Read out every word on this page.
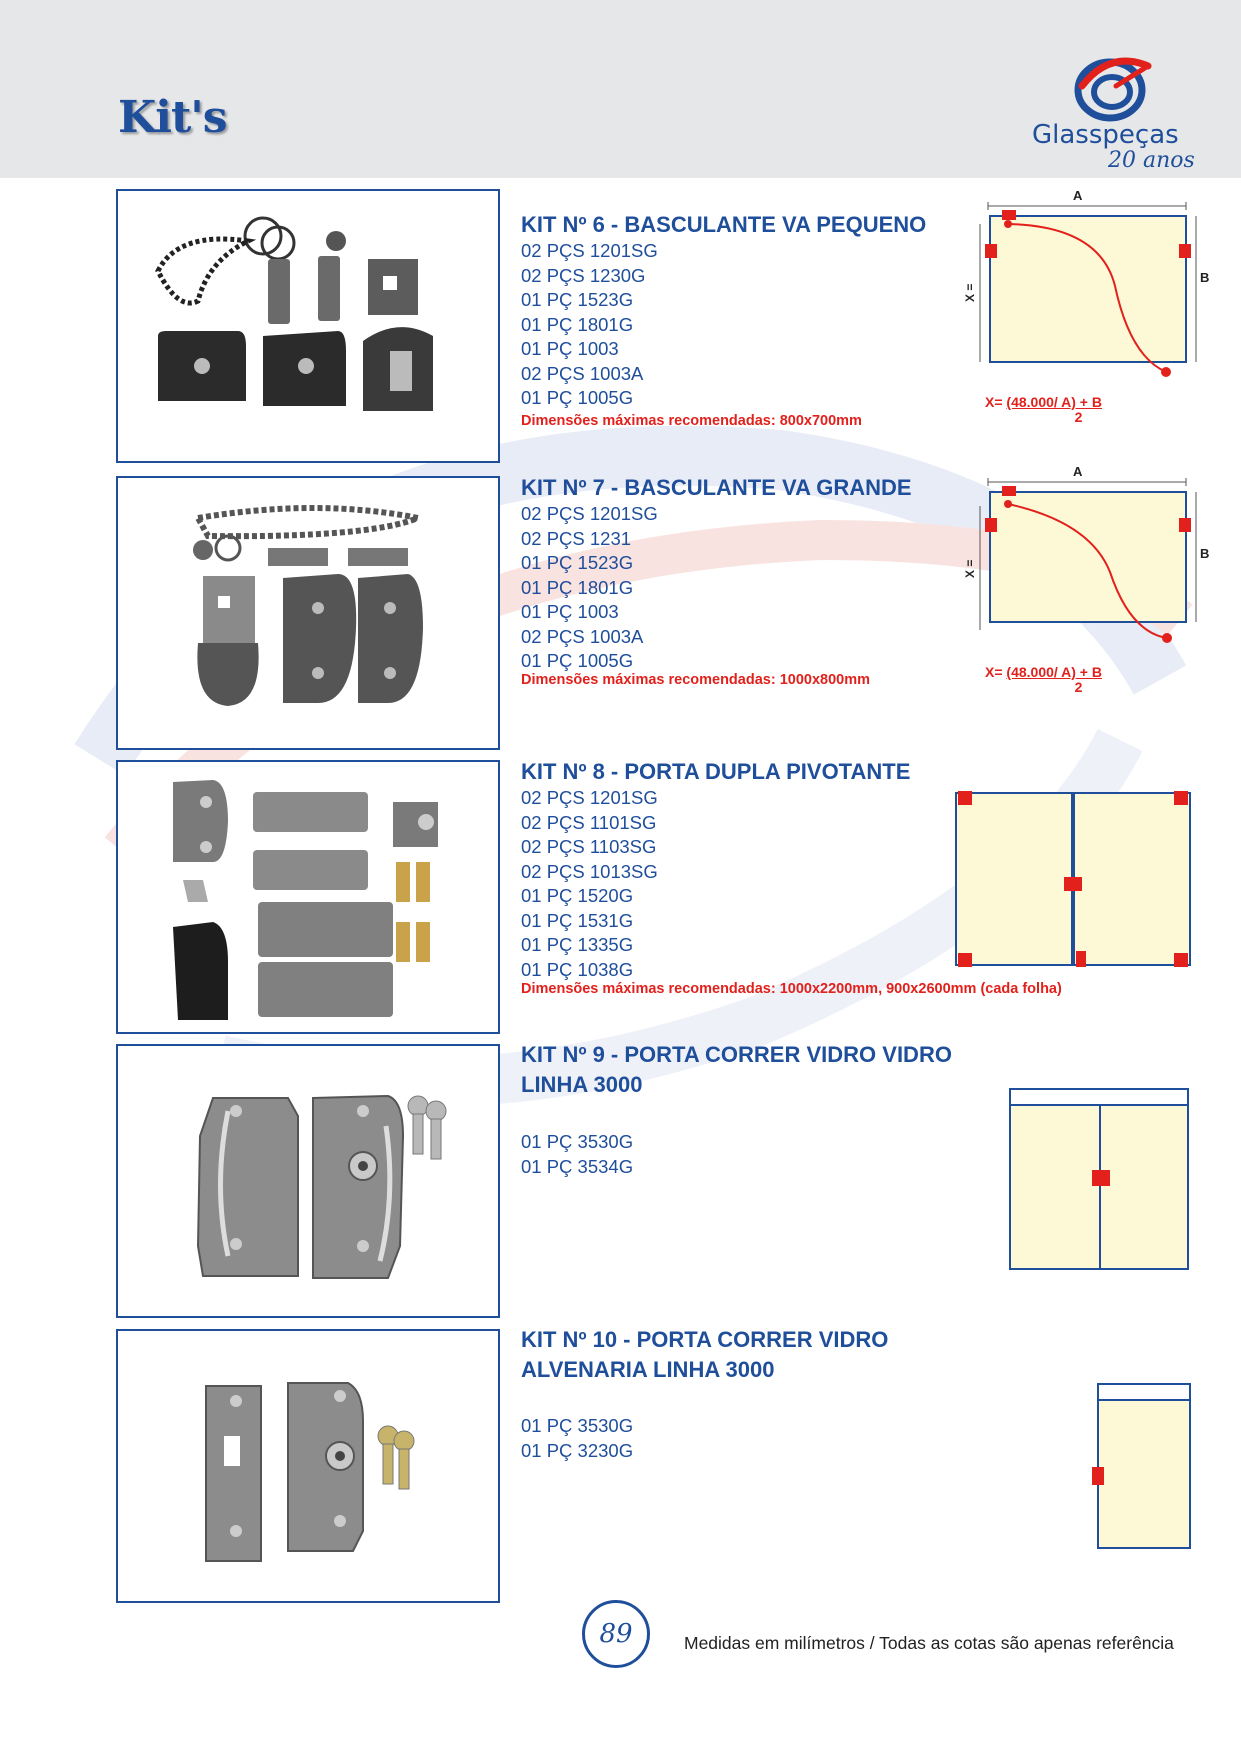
Kit's	Glasspeças
20 anos
KIT Nº 6 - BASCULANTE VA PEQUENO
02 PÇS 1201SG
02 PÇS 1230G
01 PÇ 1523G
01 PÇ 1801G
01 PÇ 1003
02 PÇS 1003A
01 PÇ 1005G
Dimensões máximas recomendadas: 800x700mm
A
B
X =
X= (48.000/ A) + B
2
KIT Nº 7 - BASCULANTE VA GRANDE
02 PÇS 1201SG
02 PÇS 1231
01 PÇ 1523G
01 PÇ 1801G
01 PÇ 1003
02 PÇS 1003A
01 PÇ 1005G
Dimensões máximas recomendadas: 1000x800mm
A
B
X =
X= (48.000/ A) + B
2
KIT Nº 8 - PORTA DUPLA PIVOTANTE
02 PÇS 1201SG
02 PÇS 1101SG
02 PÇS 1103SG
02 PÇS 1013SG
01 PÇ 1520G
01 PÇ 1531G
01 PÇ 1335G
01 PÇ 1038G
Dimensões máximas recomendadas: 1000x2200mm, 900x2600mm (cada folha)
KIT Nº 9 - PORTA CORRER VIDRO VIDRO
LINHA 3000
01 PÇ 3530G
01 PÇ 3534G
KIT Nº 10 - PORTA CORRER VIDRO
ALVENARIA LINHA 3000
01 PÇ 3530G
01 PÇ 3230G
89	Medidas em milímetros / Todas as cotas são apenas referência
